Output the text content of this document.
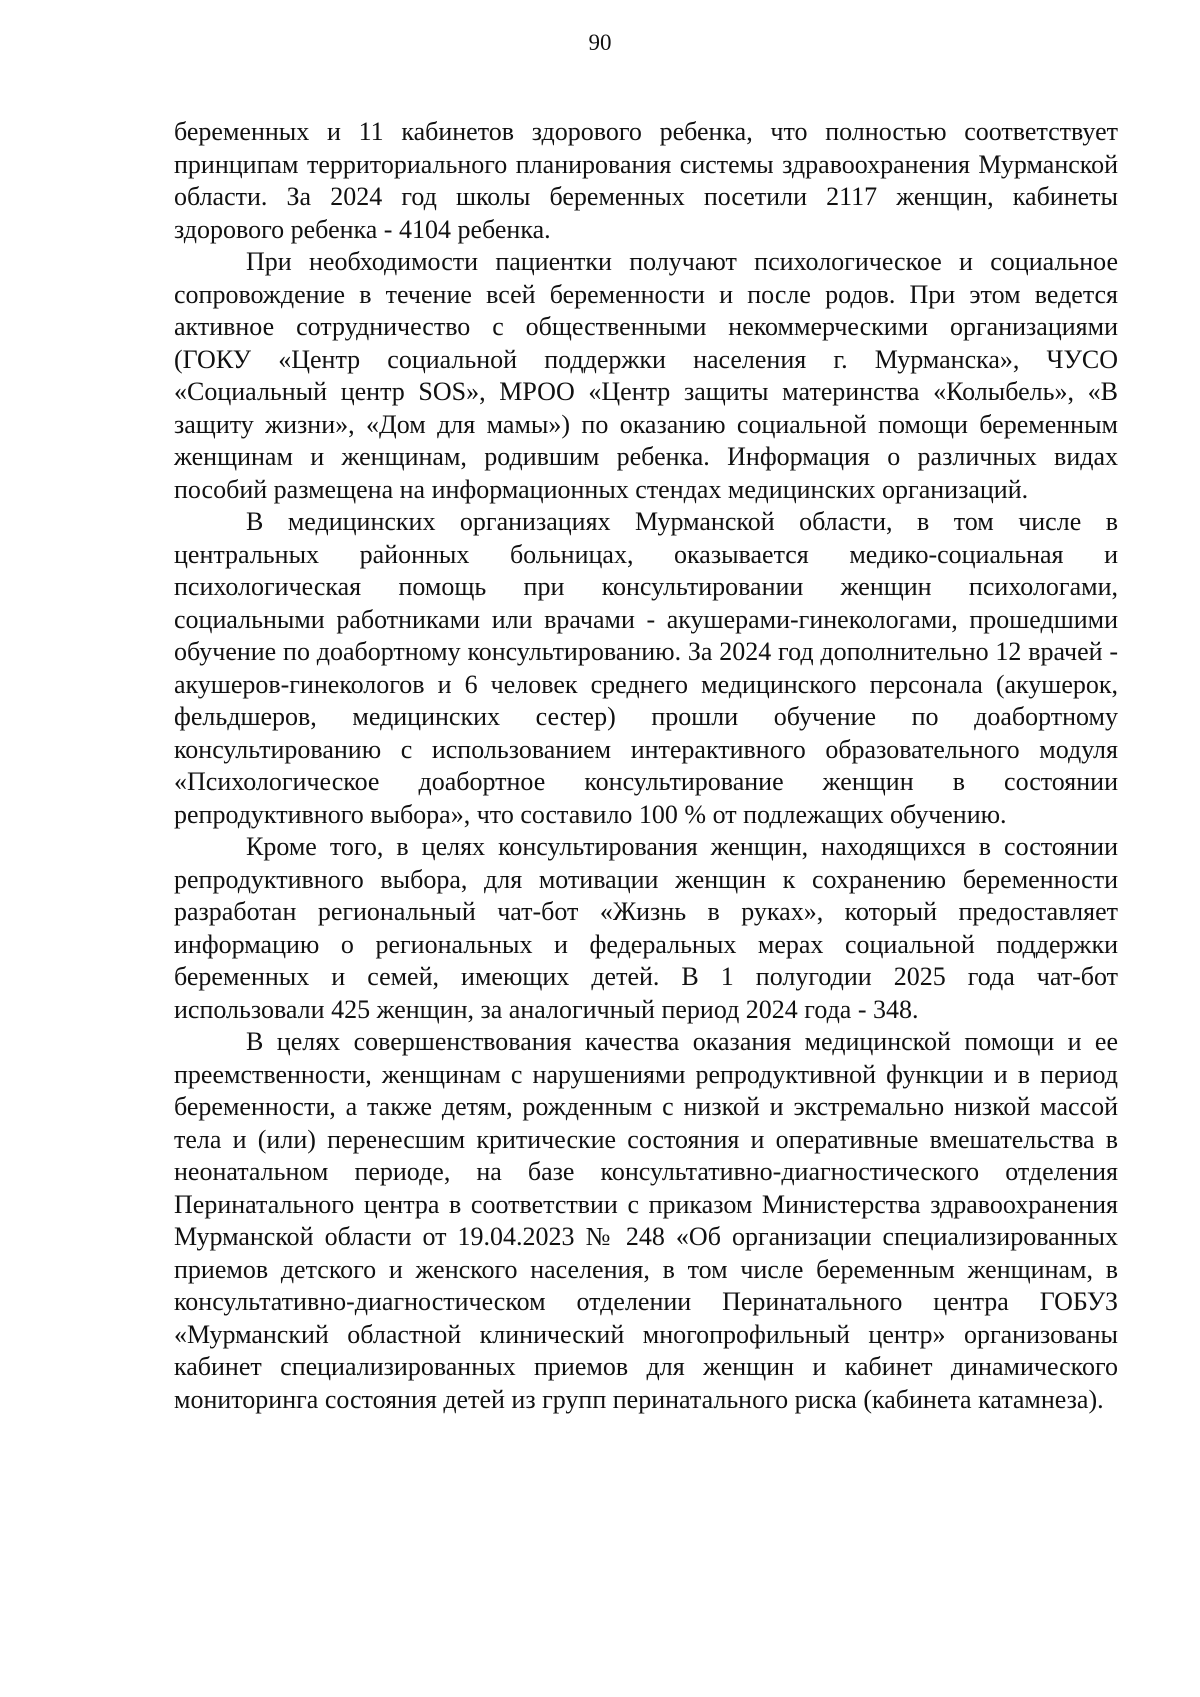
90

беременных и 11 кабинетов здорового ребенка, что полностью соответствует принципам территориального планирования системы здравоохранения Мурманской области. За 2024 год школы беременных посетили 2117 женщин, кабинеты здорового ребенка - 4104 ребенка.

При необходимости пациентки получают психологическое и социальное сопровождение в течение всей беременности и после родов. При этом ведется активное сотрудничество с общественными некоммерческими организациями (ГОКУ «Центр социальной поддержки населения г. Мурманска», ЧУСО «Социальный центр SOS», МРОО «Центр защиты материнства «Колыбель», «В защиту жизни», «Дом для мамы») по оказанию социальной помощи беременным женщинам и женщинам, родившим ребенка. Информация о различных видах пособий размещена на информационных стендах медицинских организаций.

В медицинских организациях Мурманской области, в том числе в центральных районных больницах, оказывается медико-социальная и психологическая помощь при консультировании женщин психологами, социальными работниками или врачами - акушерами-гинекологами, прошедшими обучение по доабортному консультированию. За 2024 год дополнительно 12 врачей - акушеров-гинекологов и 6 человек среднего медицинского персонала (акушерок, фельдшеров, медицинских сестер) прошли обучение по доабортному консультированию с использованием интерактивного образовательного модуля «Психологическое доабортное консультирование женщин в состоянии репродуктивного выбора», что составило 100 % от подлежащих обучению.

Кроме того, в целях консультирования женщин, находящихся в состоянии репродуктивного выбора, для мотивации женщин к сохранению беременности разработан региональный чат-бот «Жизнь в руках», который предоставляет информацию о региональных и федеральных мерах социальной поддержки беременных и семей, имеющих детей. В 1 полугодии 2025 года чат-бот использовали 425 женщин, за аналогичный период 2024 года - 348.

В целях совершенствования качества оказания медицинской помощи и ее преемственности, женщинам с нарушениями репродуктивной функции и в период беременности, а также детям, рожденным с низкой и экстремально низкой массой тела и (или) перенесшим критические состояния и оперативные вмешательства в неонатальном периоде, на базе консультативно-диагностического отделения Перинатального центра в соответствии с приказом Министерства здравоохранения Мурманской области от 19.04.2023 № 248 «Об организации специализированных приемов детского и женского населения, в том числе беременным женщинам, в консультативно-диагностическом отделении Перинатального центра ГОБУЗ «Мурманский областной клинический многопрофильный центр» организованы кабинет специализированных приемов для женщин и кабинет динамического мониторинга состояния детей из групп перинатального риска (кабинета катамнеза).
